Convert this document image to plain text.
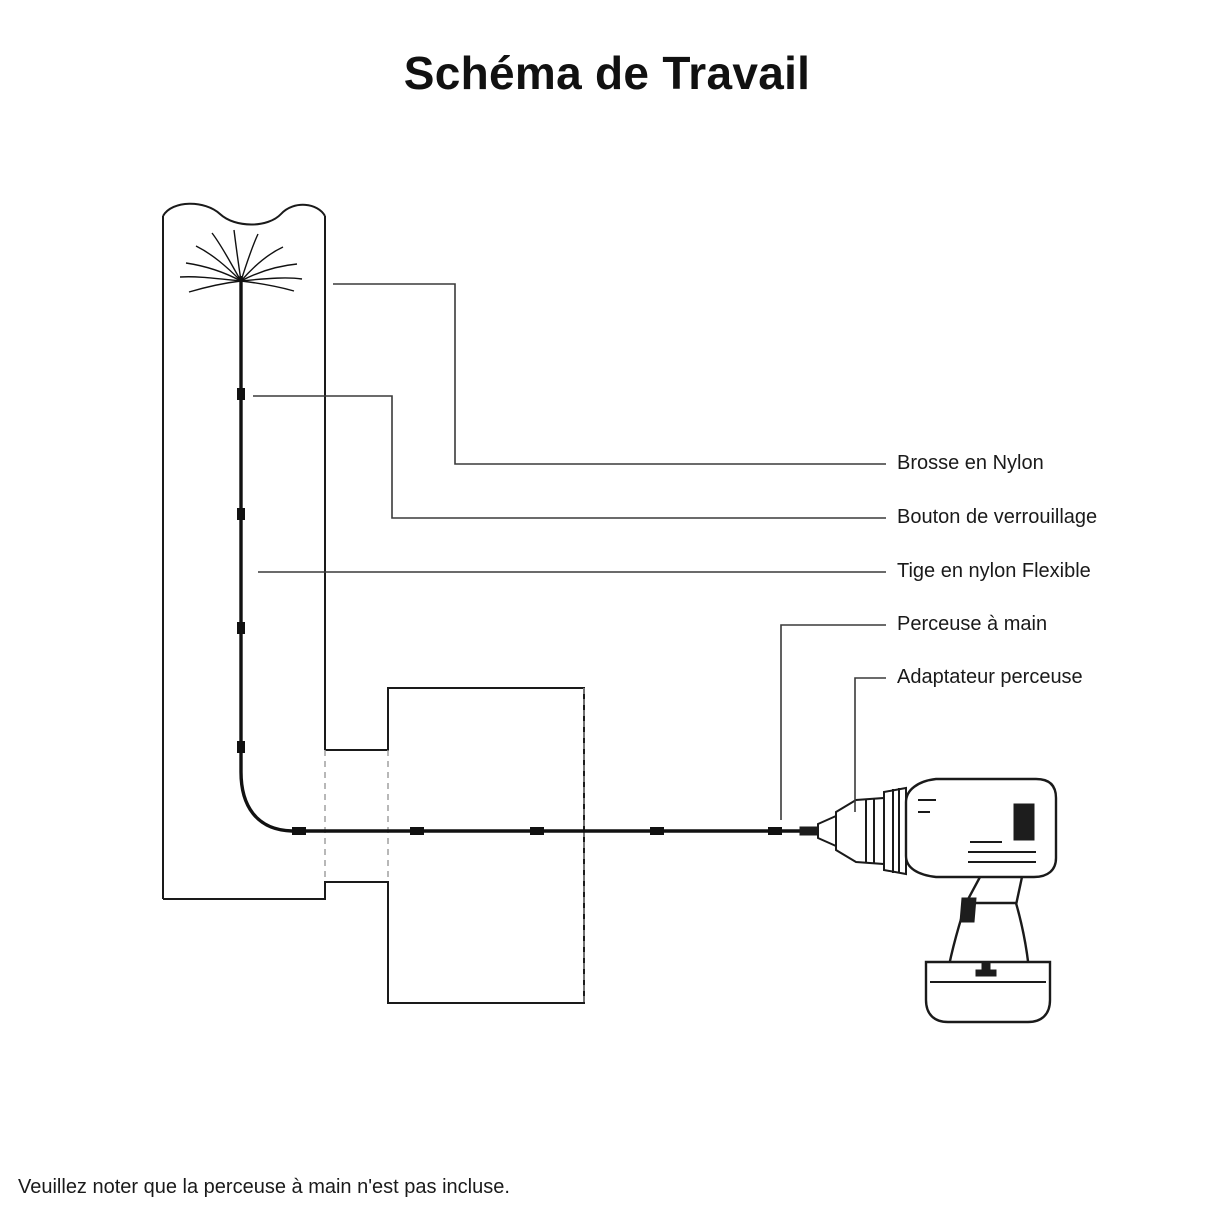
Schéma de Travail
Brosse en Nylon
Bouton de verrouillage
Tige en nylon Flexible
Perceuse à main
Adaptateur perceuse
Veuillez noter que la perceuse à main n'est pas incluse.
